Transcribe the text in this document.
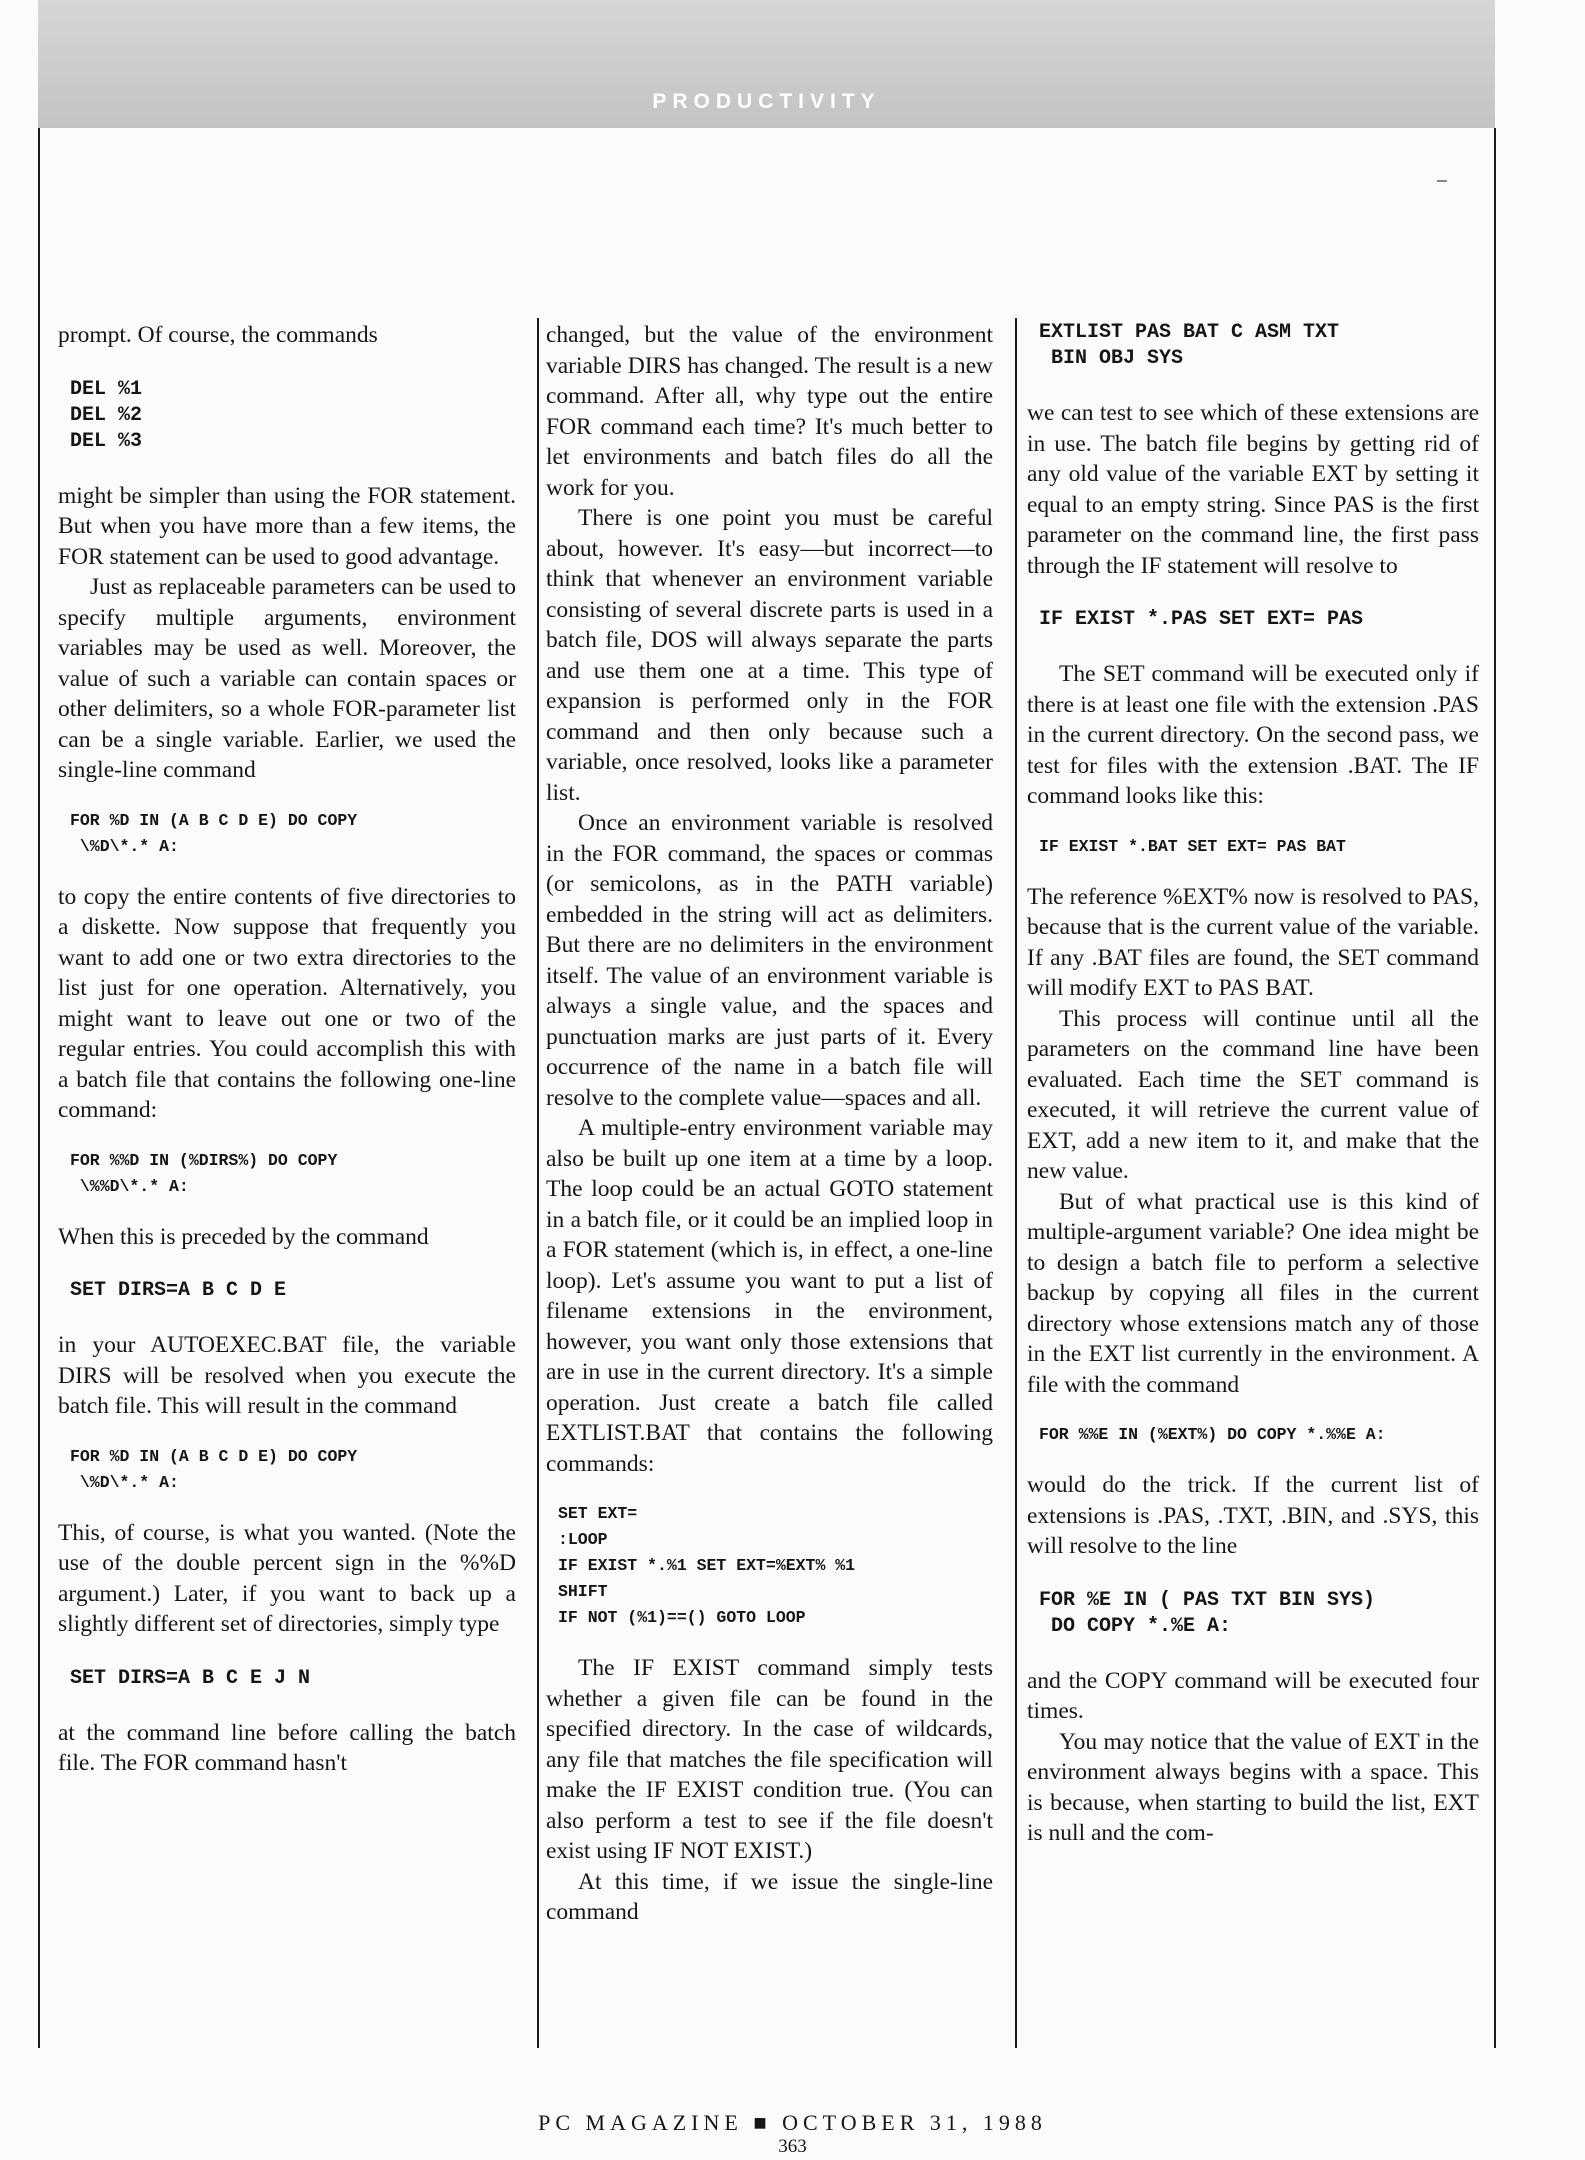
PRODUCTIVITY

prompt. Of course, the commands

DEL %1
DEL %2
DEL %3

might be simpler than using the FOR statement. But when you have more than a few items, the FOR statement can be used to good advantage.

Just as replaceable parameters can be used to specify multiple arguments, environment variables may be used as well. Moreover, the value of such a variable can contain spaces or other delimiters, so a whole FOR-parameter list can be a single variable. Earlier, we used the single-line command

FOR %D IN (A B C D E) DO COPY
\%D\*.* A:

to copy the entire contents of five directories to a diskette. Now suppose that frequently you want to add one or two extra directories to the list just for one operation. Alternatively, you might want to leave out one or two of the regular entries. You could accomplish this with a batch file that contains the following one-line command:

FOR %%D IN (%DIRS%) DO COPY
\%%D\*.* A:

When this is preceded by the command

SET DIRS=A B C D E

in your AUTOEXEC.BAT file, the variable DIRS will be resolved when you execute the batch file. This will result in the command

FOR %D IN (A B C D E) DO COPY
\%D\*.* A:

This, of course, is what you wanted. (Note the use of the double percent sign in the %%D argument.) Later, if you want to back up a slightly different set of directories, simply type

SET DIRS=A B C E J N

at the command line before calling the batch file. The FOR command hasn't

changed, but the value of the environment variable DIRS has changed. The result is a new command. After all, why type out the entire FOR command each time? It's much better to let environments and batch files do all the work for you.

There is one point you must be careful about, however. It's easy—but incorrect—to think that whenever an environment variable consisting of several discrete parts is used in a batch file, DOS will always separate the parts and use them one at a time. This type of expansion is performed only in the FOR command and then only because such a variable, once resolved, looks like a parameter list.

Once an environment variable is resolved in the FOR command, the spaces or commas (or semicolons, as in the PATH variable) embedded in the string will act as delimiters. But there are no delimiters in the environment itself. The value of an environment variable is always a single value, and the spaces and punctuation marks are just parts of it. Every occurrence of the name in a batch file will resolve to the complete value—spaces and all.

A multiple-entry environment variable may also be built up one item at a time by a loop. The loop could be an actual GOTO statement in a batch file, or it could be an implied loop in a FOR statement (which is, in effect, a one-line loop). Let's assume you want to put a list of filename extensions in the environment, however, you want only those extensions that are in use in the current directory. It's a simple operation. Just create a batch file called EXTLIST.BAT that contains the following commands:

SET EXT=
:LOOP
IF EXIST *.%1 SET EXT=%EXT% %1
SHIFT
IF NOT (%1)==() GOTO LOOP

The IF EXIST command simply tests whether a given file can be found in the specified directory. In the case of wildcards, any file that matches the file specification will make the IF EXIST condition true. (You can also perform a test to see if the file doesn't exist using IF NOT EXIST.)

At this time, if we issue the single-line command

EXTLIST PAS BAT C ASM TXT
BIN OBJ SYS

we can test to see which of these extensions are in use. The batch file begins by getting rid of any old value of the variable EXT by setting it equal to an empty string. Since PAS is the first parameter on the command line, the first pass through the IF statement will resolve to

IF EXIST *.PAS SET EXT= PAS

The SET command will be executed only if there is at least one file with the extension .PAS in the current directory. On the second pass, we test for files with the extension .BAT. The IF command looks like this:

IF EXIST *.BAT SET EXT= PAS BAT

The reference %EXT% now is resolved to PAS, because that is the current value of the variable. If any .BAT files are found, the SET command will modify EXT to PAS BAT.

This process will continue until all the parameters on the command line have been evaluated. Each time the SET command is executed, it will retrieve the current value of EXT, add a new item to it, and make that the new value.

But of what practical use is this kind of multiple-argument variable? One idea might be to design a batch file to perform a selective backup by copying all files in the current directory whose extensions match any of those in the EXT list currently in the environment. A file with the command

FOR %%E IN (%EXT%) DO COPY *.%%E A:

would do the trick. If the current list of extensions is .PAS, .TXT, .BIN, and .SYS, this will resolve to the line

FOR %E IN ( PAS TXT BIN SYS)
DO COPY *.%E A:

and the COPY command will be executed four times.

You may notice that the value of EXT in the environment always begins with a space. This is because, when starting to build the list, EXT is null and the com-

PC MAGAZINE ■ OCTOBER 31, 1988
363
